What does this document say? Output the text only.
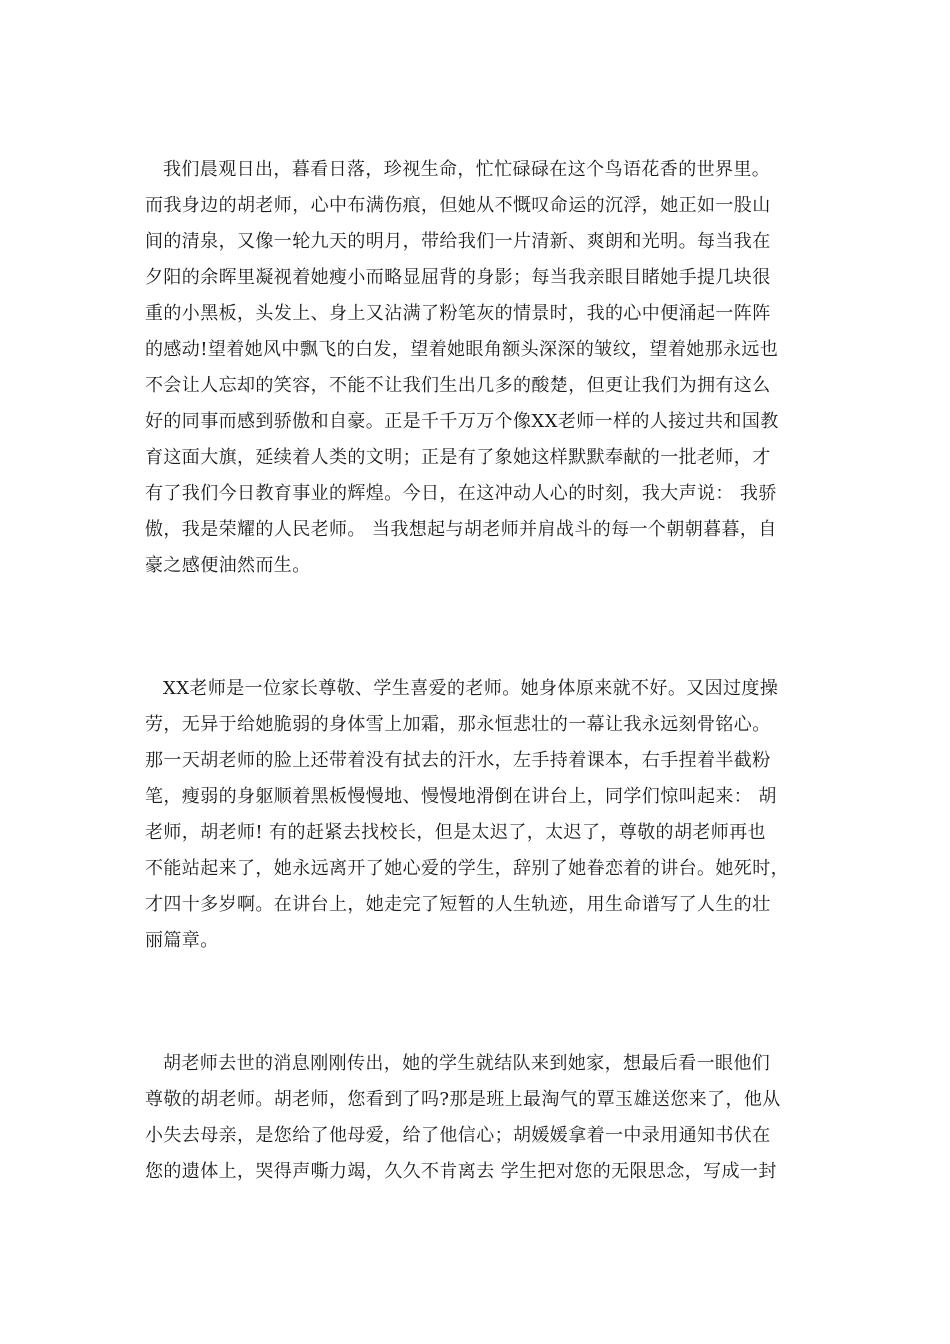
我们晨观日出，暮看日落，珍视生命，忙忙碌碌在这个鸟语花香的世界里。
而我身边的胡老师，心中布满伤痕，但她从不慨叹命运的沉浮，她正如一股山
间的清泉，又像一轮九天的明月，带给我们一片清新、爽朗和光明。每当我在
夕阳的余晖里凝视着她瘦小而略显屈背的身影；每当我亲眼目睹她手提几块很
重的小黑板，头发上、身上又沾满了粉笔灰的情景时，我的心中便涌起一阵阵
的感动!望着她风中飘飞的白发，望着她眼角额头深深的皱纹，望着她那永远也
不会让人忘却的笑容，不能不让我们生出几多的酸楚，但更让我们为拥有这么
好的同事而感到骄傲和自豪。正是千千万万个像XX老师一样的人接过共和国教
育这面大旗，延续着人类的文明；正是有了象她这样默默奉献的一批老师，才
有了我们今日教育事业的辉煌。今日，在这冲动人心的时刻，我大声说： 我骄
傲，我是荣耀的人民老师。 当我想起与胡老师并肩战斗的每一个朝朝暮暮，自
豪之感便油然而生。
XX老师是一位家长尊敬、学生喜爱的老师。她身体原来就不好。又因过度操
劳，无异于给她脆弱的身体雪上加霜，那永恒悲壮的一幕让我永远刻骨铭心。
那一天胡老师的脸上还带着没有拭去的汗水，左手持着课本，右手捏着半截粉
笔，瘦弱的身躯顺着黑板慢慢地、慢慢地滑倒在讲台上，同学们惊叫起来： 胡
老师，胡老师! 有的赶紧去找校长，但是太迟了，太迟了，尊敬的胡老师再也
不能站起来了，她永远离开了她心爱的学生，辞别了她眷恋着的讲台。她死时，
才四十多岁啊。在讲台上，她走完了短暂的人生轨迹，用生命谱写了人生的壮
丽篇章。
胡老师去世的消息刚刚传出，她的学生就结队来到她家，想最后看一眼他们
尊敬的胡老师。胡老师，您看到了吗?那是班上最淘气的覃玉雄送您来了，他从
小失去母亲，是您给了他母爱，给了他信心；胡媛媛拿着一中录用通知书伏在
您的遗体上，哭得声嘶力竭，久久不肯离去 学生把对您的无限思念，写成一封
